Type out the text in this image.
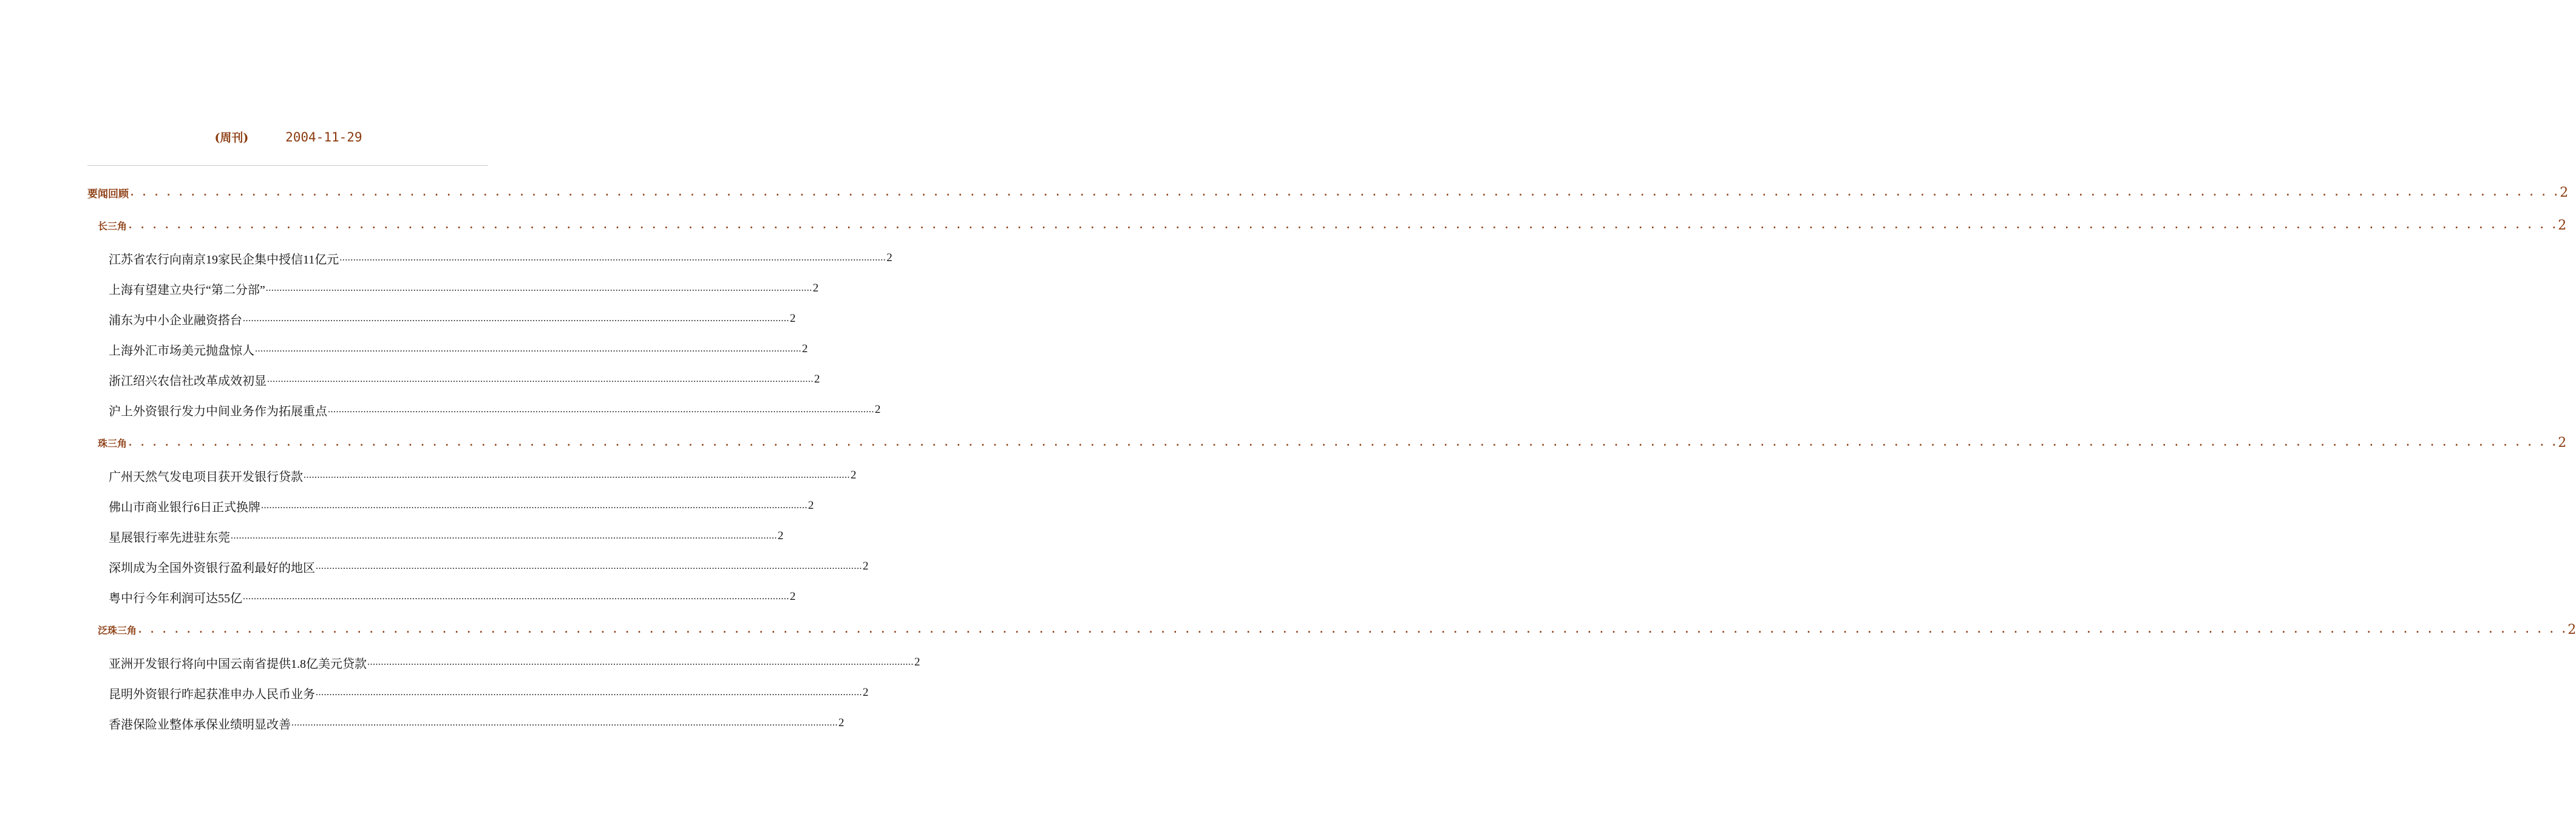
(周刊)	2004-11-29
要闻回顾 . . . . . . . . . . . . . . . . . . . . . . . . . . . . . . . . . . . . . . . . . . . . . . . . . . . . . . . . . . . . . . . . . . . . . . . . . . . . . . . . . . . . . . . . . . . . . . . . . . . . . . . . . . . . . . . . . . . . . . . . . . . . . . . . . . . . . . . . . . . . . . . . . . . . . . . . . . . . . . . . . . . . . . . . . . . . . . . . . . . . . . . . . . . . . . . . . . . . . . . . 2
长三角 . . . . . . . . . . . . . . . . . . . . . . . . . . . . . . . . . . . . . . . . . . . . . . . . . . . . . . . . . . . . . . . . . . . . . . . . . . . . . . . . . . . . . . . . . . . . . . . . . . . . . . . . . . . . . . . . . . . . . . . . . . . . . . . . . . . . . . . . . . . . . . . . . . . . . . . . . . . . . . . . . . . . . . . . . . . . . . . . . . . . . . . . . . . . . . . . . . . . . . . . 2
江苏省农行向南京19家民企集中授信11亿元 ........................................................................................................................................................................................................ 2
上海有望建立央行“第二分部” ........................................................................................................................................................................................................ 2
浦东为中小企业融资搭台 ........................................................................................................................................................................................................ 2
上海外汇市场美元抛盘惊人 ........................................................................................................................................................................................................ 2
浙江绍兴农信社改革成效初显 ........................................................................................................................................................................................................ 2
沪上外资银行发力中间业务作为拓展重点 ........................................................................................................................................................................................................ 2
珠三角 . . . . . . . . . . . . . . . . . . . . . . . . . . . . . . . . . . . . . . . . . . . . . . . . . . . . . . . . . . . . . . . . . . . . . . . . . . . . . . . . . . . . . . . . . . . . . . . . . . . . . . . . . . . . . . . . . . . . . . . . . . . . . . . . . . . . . . . . . . . . . . . . . . . . . . . . . . . . . . . . . . . . . . . . . . . . . . . . . . . . . . . . . . . . . . . . . . . . . . . . 2
广州天然气发电项目获开发银行贷款 ........................................................................................................................................................................................................ 2
佛山市商业银行6日正式换牌 ........................................................................................................................................................................................................ 2
星展银行率先进驻东莞 ........................................................................................................................................................................................................ 2
深圳成为全国外资银行盈利最好的地区 ........................................................................................................................................................................................................ 2
粤中行今年利润可达55亿 ........................................................................................................................................................................................................ 2
泛珠三角 . . . . . . . . . . . . . . . . . . . . . . . . . . . . . . . . . . . . . . . . . . . . . . . . . . . . . . . . . . . . . . . . . . . . . . . . . . . . . . . . . . . . . . . . . . . . . . . . . . . . . . . . . . . . . . . . . . . . . . . . . . . . . . . . . . . . . . . . . . . . . . . . . . . . . . . . . . . . . . . . . . . . . . . . . . . . . . . . . . . . . . . . . . . . . . . . . . . . . . . . 2
亚洲开发银行将向中国云南省提供1.8亿美元贷款 ........................................................................................................................................................................................................ 2
昆明外资银行昨起获准申办人民币业务 ........................................................................................................................................................................................................ 2
香港保险业整体承保业绩明显改善 ........................................................................................................................................................................................................ 2
